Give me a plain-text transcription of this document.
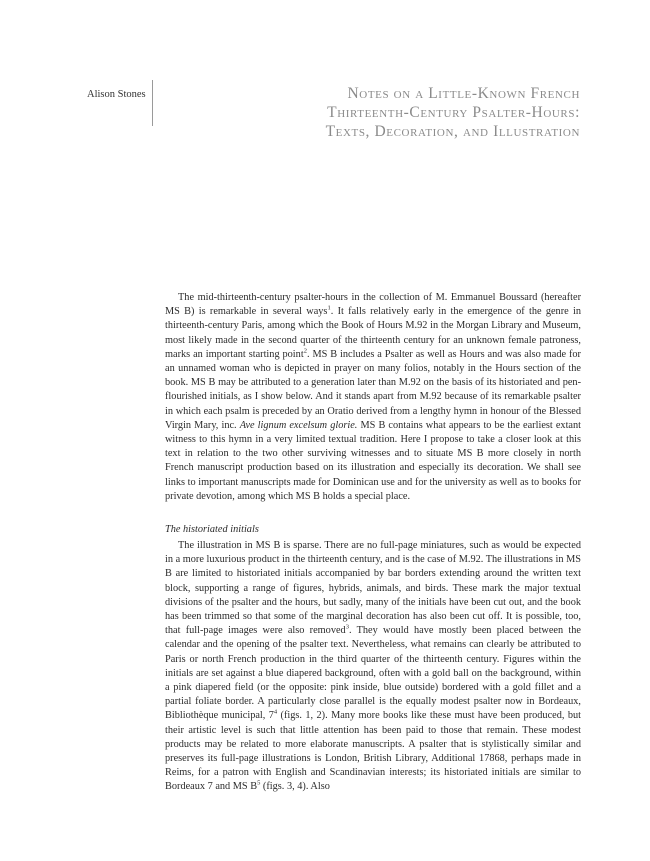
Alison Stones	Notes on a Little-Known French
Thirteenth-Century Psalter-Hours:
Texts, Decoration, and Illustration
The mid-thirteenth-century psalter-hours in the collection of M. Emmanuel Boussard (hereafter MS B) is remarkable in several ways$^1$. It falls relatively early in the emergence of the genre in thirteenth-century Paris, among which the Book of Hours M.92 in the Morgan Library and Museum, most likely made in the second quarter of the thirteenth century for an unknown female patroness, marks an important starting point$^2$. MS B includes a Psalter as well as Hours and was also made for an unnamed woman who is depicted in prayer on many folios, notably in the Hours section of the book. MS B may be attributed to a generation later than M.92 on the basis of its historiated and pen-flourished initials, as I show below. And it stands apart from M.92 because of its remarkable psalter in which each psalm is preceded by an Oratio derived from a lengthy hymn in honour of the Blessed Virgin Mary, inc. Ave lignum excelsum glorie. MS B contains what appears to be the earliest extant witness to this hymn in a very limited textual tradition. Here I propose to take a closer look at this text in relation to the two other surviving witnesses and to situate MS B more closely in north French manuscript production based on its illustration and especially its decoration. We shall see links to important manuscripts made for Dominican use and for the university as well as to books for private devotion, among which MS B holds a special place.
The historiated initials
The illustration in MS B is sparse. There are no full-page miniatures, such as would be expected in a more luxurious product in the thirteenth century, and is the case of M.92. The illustrations in MS B are limited to historiated initials accompanied by bar borders extending around the written text block, supporting a range of figures, hybrids, animals, and birds. These mark the major textual divisions of the psalter and the hours, but sadly, many of the initials have been cut out, and the book has been trimmed so that some of the marginal decoration has also been cut off. It is possible, too, that full-page images were also removed$^3$. They would have mostly been placed between the calendar and the opening of the psalter text. Nevertheless, what remains can clearly be attributed to Paris or north French production in the third quarter of the thirteenth century. Figures within the initials are set against a blue diapered background, often with a gold ball on the background, within a pink diapered field (or the opposite: pink inside, blue outside) bordered with a gold fillet and a partial foliate border. A particularly close parallel is the equally modest psalter now in Bordeaux, Bibliothèque municipal, $7^4$ (figs. 1, 2). Many more books like these must have been produced, but their artistic level is such that little attention has been paid to those that remain. These modest products may be related to more elaborate manuscripts. A psalter that is stylistically similar and preserves its full-page illustrations is London, British Library, Additional 17868, perhaps made in Reims, for a patron with English and Scandinavian interests; its historiated initials are similar to Bordeaux 7 and MS $B^5$ (figs. 3, 4). Also
